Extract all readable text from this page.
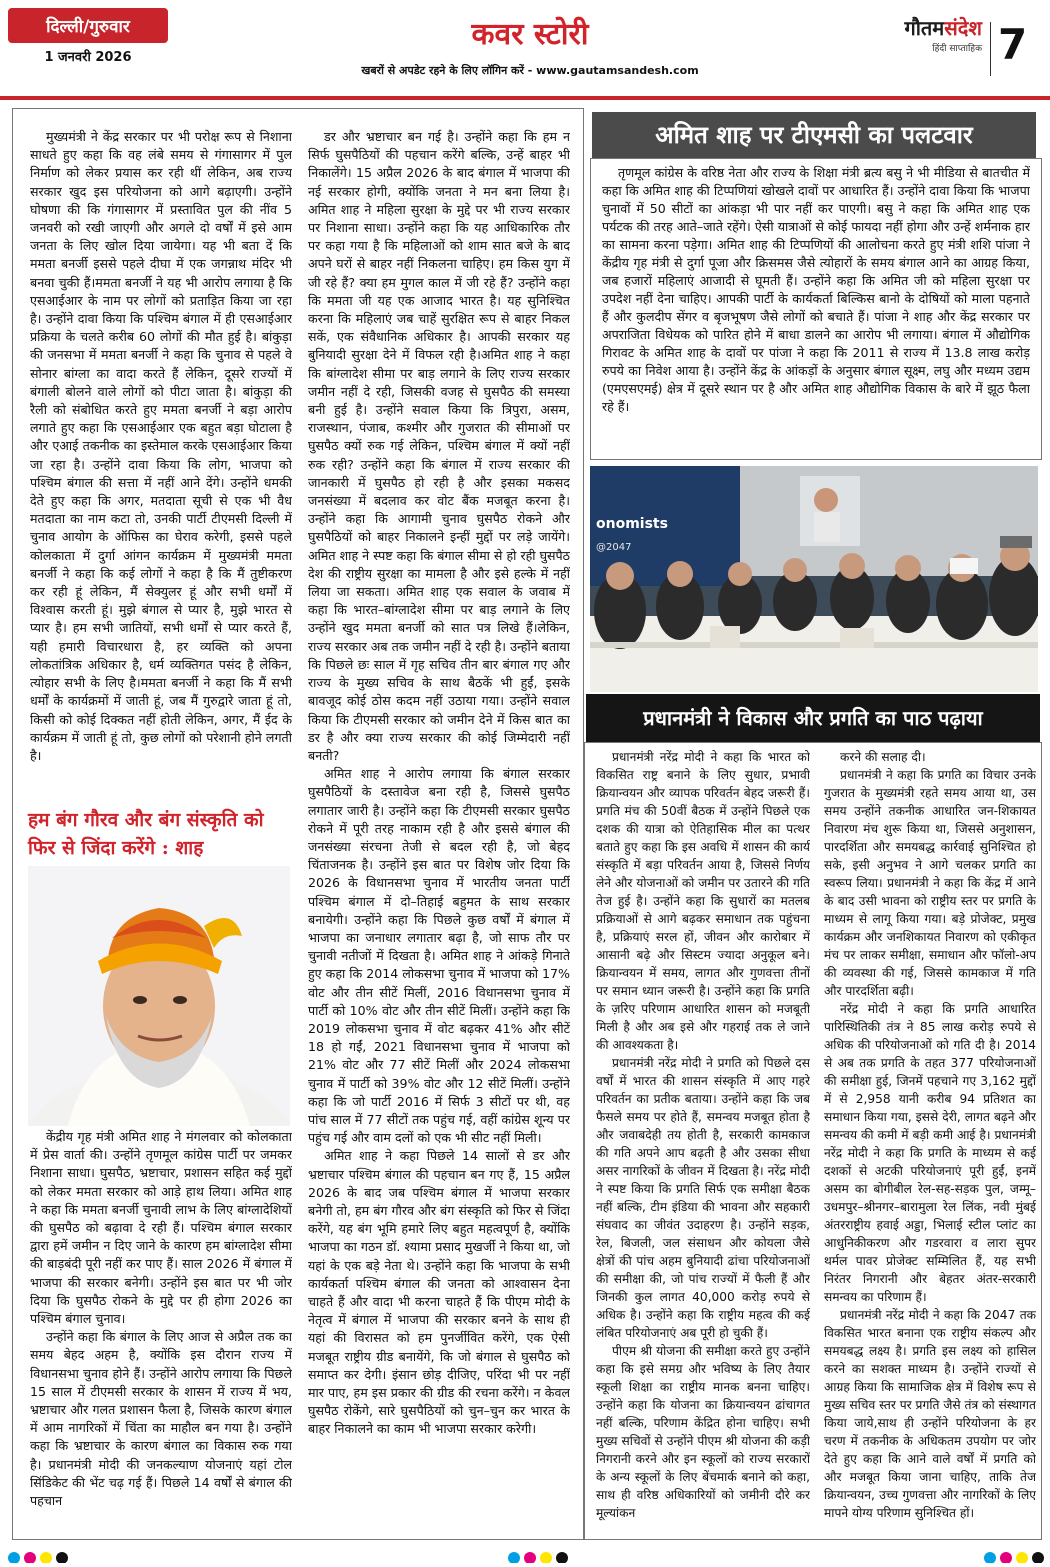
दिल्ली/गुरुवार
1 जनवरी 2026
कवर स्टोरी
खबरों से अपडेट रहने के लिए लॉगिन करें - www.gautamsandesh.com
गौतमसंदेश
हिंदी साप्ताहिक 7

मुख्यमंत्री ने केंद्र सरकार पर भी परोक्ष रूप से निशाना साधते हुए कहा कि वह लंबे समय से गंगासागर में पुल निर्माण को लेकर प्रयास कर रही थीं लेकिन, अब राज्य सरकार खुद इस परियोजना को आगे बढ़ाएगी। उन्होंने घोषणा की कि गंगासागर में प्रस्तावित पुल की नींव 5 जनवरी को रखी जाएगी और अगले दो वर्षों में इसे आम जनता के लिए खोल दिया जायेगा। यह भी बता दें कि ममता बनर्जी इससे पहले दीघा में एक जगन्नाथ मंदिर भी बनवा चुकी हैं।ममता बनर्जी ने यह भी आरोप लगाया है कि एसआईआर के नाम पर लोगों को प्रताड़ित किया जा रहा है। उन्होंने दावा किया कि पश्चिम बंगाल में ही एसआईआर प्रक्रिया के चलते करीब 60 लोगों की मौत हुई है। बांकुड़ा की जनसभा में ममता बनर्जी ने कहा कि चुनाव से पहले वे सोनार बांग्ला का वादा करते हैं लेकिन, दूसरे राज्यों में बंगाली बोलने वाले लोगों को पीटा जाता है। बांकुड़ा की रैली को संबोधित करते हुए ममता बनर्जी ने बड़ा आरोप लगाते हुए कहा कि एसआईआर एक बहुत बड़ा घोटाला है और एआई तकनीक का इस्तेमाल करके एसआईआर किया जा रहा है। उन्होंने दावा किया कि लोग, भाजपा को पश्चिम बंगाल की सत्ता में नहीं आने देंगे। उन्होंने धमकी देते हुए कहा कि अगर, मतदाता सूची से एक भी वैध मतदाता का नाम कटा तो, उनकी पार्टी टीएमसी दिल्ली में चुनाव आयोग के ऑफिस का घेराव करेगी, इससे पहले कोलकाता में दुर्गा आंगन कार्यक्रम में मुख्यमंत्री ममता बनर्जी ने कहा कि कई लोगों ने कहा है कि मैं तुष्टीकरण कर रही हूं लेकिन, मैं सेक्युलर हूं और सभी धर्मों में विश्वास करती हूं। मुझे बंगाल से प्यार है, मुझे भारत से प्यार है। हम सभी जातियों, सभी धर्मों से प्यार करते हैं, यही हमारी विचारधारा है, हर व्यक्ति को अपना लोकतांत्रिक अधिकार है, धर्म व्यक्तिगत पसंद है लेकिन, त्योहार सभी के लिए है।ममता बनर्जी ने कहा कि मैं सभी धर्मों के कार्यक्रमों में जाती हूं, जब मैं गुरुद्वारे जाता हूं तो, किसी को कोई दिक्कत नहीं होती लेकिन, अगर, मैं ईद के कार्यक्रम में जाती हूं तो, कुछ लोगों को परेशानी होने लगती है।

हम बंग गौरव और बंग संस्कृति को फिर से जिंदा करेंगे : शाह

केंद्रीय गृह मंत्री अमित शाह ने मंगलवार को कोलकाता में प्रेस वार्ता की। उन्होंने तृणमूल कांग्रेस पार्टी पर जमकर निशाना साधा। घुसपैठ, भ्रष्टाचार, प्रशासन सहित कई मुद्दों को लेकर ममता सरकार को आड़े हाथ लिया। अमित शाह ने कहा कि ममता बनर्जी चुनावी लाभ के लिए बांग्लादेशियों की घुसपैठ को बढ़ावा दे रही हैं। पश्चिम बंगाल सरकार द्वारा हमें जमीन न दिए जाने के कारण हम बांग्लादेश सीमा की बाड़बंदी पूरी नहीं कर पाए हैं। साल 2026 में बंगाल में भाजपा की सरकार बनेगी। उन्होंने इस बात पर भी जोर दिया कि घुसपैठ रोकने के मुद्दे पर ही होगा 2026 का पश्चिम बंगाल चुनाव।

उन्होंने कहा कि बंगाल के लिए आज से अप्रैल तक का समय बेहद अहम है, क्योंकि इस दौरान राज्य में विधानसभा चुनाव होने हैं। उन्होंने आरोप लगाया कि पिछले 15 साल में टीएमसी सरकार के शासन में राज्य में भय, भ्रष्टाचार और गलत प्रशासन फैला है, जिसके कारण बंगाल में आम नागरिकों में चिंता का माहौल बन गया है। उन्होंने कहा कि भ्रष्टाचार के कारण बंगाल का विकास रुक गया है। प्रधानमंत्री मोदी की जनकल्याण योजनाएं यहां टोल सिंडिकेट की भेंट चढ़ गई हैं। पिछले 14 वर्षों से बंगाल की पहचान

डर और भ्रष्टाचार बन गई है। उन्होंने कहा कि हम न सिर्फ घुसपैठियों की पहचान करेंगे बल्कि, उन्हें बाहर भी निकालेंगे। 15 अप्रैल 2026 के बाद बंगाल में भाजपा की नई सरकार होगी, क्योंकि जनता ने मन बना लिया है। अमित शाह ने महिला सुरक्षा के मुद्दे पर भी राज्य सरकार पर निशाना साधा। उन्होंने कहा कि यह आधिकारिक तौर पर कहा गया है कि महिलाओं को शाम सात बजे के बाद अपने घरों से बाहर नहीं निकलना चाहिए। हम किस युग में जी रहे हैं? क्या हम मुगल काल में जी रहे हैं? उन्होंने कहा कि ममता जी यह एक आजाद भारत है। यह सुनिश्चित करना कि महिलाएं जब चाहें सुरक्षित रूप से बाहर निकल सकें, एक संवैधानिक अधिकार है। आपकी सरकार यह बुनियादी सुरक्षा देने में विफल रही है।अमित शाह ने कहा कि बांग्लादेश सीमा पर बाड़ लगाने के लिए राज्य सरकार जमीन नहीं दे रही, जिसकी वजह से घुसपैठ की समस्या बनी हुई है। उन्होंने सवाल किया कि त्रिपुरा, असम, राजस्थान, पंजाब, कश्मीर और गुजरात की सीमाओं पर घुसपैठ क्यों रुक गई लेकिन, पश्चिम बंगाल में क्यों नहीं रुक रही? उन्होंने कहा कि बंगाल में राज्य सरकार की जानकारी में घुसपैठ हो रही है और इसका मकसद जनसंख्या में बदलाव कर वोट बैंक मजबूत करना है। उन्होंने कहा कि आगामी चुनाव घुसपैठ रोकने और घुसपैठियों को बाहर निकालने इन्हीं मुद्दों पर लड़े जायेंगे। अमित शाह ने स्पष्ट कहा कि बंगाल सीमा से हो रही घुसपैठ देश की राष्ट्रीय सुरक्षा का मामला है और इसे हल्के में नहीं लिया जा सकता। अमित शाह एक सवाल के जवाब में कहा कि भारत–बांग्लादेश सीमा पर बाड़ लगाने के लिए उन्होंने खुद ममता बनर्जी को सात पत्र लिखे हैं।लेकिन, राज्य सरकार अब तक जमीन नहीं दे रही है। उन्होंने बताया कि पिछले छः साल में गृह सचिव तीन बार बंगाल गए और राज्य के मुख्य सचिव के साथ बैठकें भी हुईं, इसके बावजूद कोई ठोस कदम नहीं उठाया गया। उन्होंने सवाल किया कि टीएमसी सरकार को जमीन देने में किस बात का डर है और क्या राज्य सरकार की कोई जिम्मेदारी नहीं बनती?

अमित शाह ने आरोप लगाया कि बंगाल सरकार घुसपैठियों के दस्तावेज बना रही है, जिससे घुसपैठ लगातार जारी है। उन्होंने कहा कि टीएमसी सरकार घुसपैठ रोकने में पूरी तरह नाकाम रही है और इससे बंगाल की जनसंख्या संरचना तेजी से बदल रही है, जो बेहद चिंताजनक है। उन्होंने इस बात पर विशेष जोर दिया कि 2026 के विधानसभा चुनाव में भारतीय जनता पार्टी पश्चिम बंगाल में दो–तिहाई बहुमत के साथ सरकार बनायेगी। उन्होंने कहा कि पिछले कुछ वर्षों में बंगाल में भाजपा का जनाधार लगातार बढ़ा है, जो साफ तौर पर चुनावी नतीजों में दिखता है। अमित शाह ने आंकड़े गिनाते हुए कहा कि 2014 लोकसभा चुनाव में भाजपा को 17% वोट और तीन सीटें मिलीं, 2016 विधानसभा चुनाव में पार्टी को 10% वोट और तीन सीटें मिलीं। उन्होंने कहा कि 2019 लोकसभा चुनाव में वोट बढ़कर 41% और सीटें 18 हो गईं, 2021 विधानसभा चुनाव में भाजपा को 21% वोट और 77 सीटें मिलीं और 2024 लोकसभा चुनाव में पार्टी को 39% वोट और 12 सीटें मिलीं। उन्होंने कहा कि जो पार्टी 2016 में सिर्फ 3 सीटों पर थी, वह पांच साल में 77 सीटों तक पहुंच गई, वहीं कांग्रेस शून्य पर पहुंच गई और वाम दलों को एक भी सीट नहीं मिली।

अमित शाह ने कहा पिछले 14 सालों से डर और भ्रष्टाचार पश्चिम बंगाल की पहचान बन गए हैं, 15 अप्रैल 2026 के बाद जब पश्चिम बंगाल में भाजपा सरकार बनेगी तो, हम बंग गौरव और बंग संस्कृति को फिर से जिंदा करेंगे, यह बंग भूमि हमारे लिए बहुत महत्वपूर्ण है, क्योंकि भाजपा का गठन डॉ. श्यामा प्रसाद मुखर्जी ने किया था, जो यहां के एक बड़े नेता थे। उन्होंने कहा कि भाजपा के सभी कार्यकर्ता पश्चिम बंगाल की जनता को आश्वासन देना चाहते हैं और वादा भी करना चाहते हैं कि पीएम मोदी के नेतृत्व में बंगाल में भाजपा की सरकार बनने के साथ ही यहां की विरासत को हम पुनर्जीवित करेंगे, एक ऐसी मजबूत राष्ट्रीय ग्रीड बनायेंगे, कि जो बंगाल से घुसपैठ को समाप्त कर देगी। इंसान छोड़ दीजिए, परिंदा भी पर नहीं मार पाए, हम इस प्रकार की ग्रीड की रचना करेंगे। न केवल घुसपैठ रोकेंगे, सारे घुसपैठियों को चुन–चुन कर भारत के बाहर निकालने का काम भी भाजपा सरकार करेगी।

अमित शाह पर टीएमसी का पलटवार

तृणमूल कांग्रेस के वरिष्ठ नेता और राज्य के शिक्षा मंत्री ब्रत्य बसु ने भी मीडिया से बातचीत में कहा कि अमित शाह की टिप्पणियां खोखले दावों पर आधारित हैं। उन्होंने दावा किया कि भाजपा चुनावों में 50 सीटों का आंकड़ा भी पार नहीं कर पाएगी। बसु ने कहा कि अमित शाह एक पर्यटक की तरह आते–जाते रहेंगे। ऐसी यात्राओं से कोई फायदा नहीं होगा और उन्हें शर्मनाक हार का सामना करना पड़ेगा। अमित शाह की टिप्पणियों की आलोचना करते हुए मंत्री शशि पांजा ने केंद्रीय गृह मंत्री से दुर्गा पूजा और क्रिसमस जैसे त्योहारों के समय बंगाल आने का आग्रह किया, जब हजारों महिलाएं आजादी से घूमती हैं। उन्होंने कहा कि अमित जी को महिला सुरक्षा पर उपदेश नहीं देना चाहिए। आपकी पार्टी के कार्यकर्ता बिल्किस बानो के दोषियों को माला पहनाते हैं और कुलदीप सेंगर व बृजभूषण जैसे लोगों को बचाते हैं। पांजा ने शाह और केंद्र सरकार पर अपराजिता विधेयक को पारित होने में बाधा डालने का आरोप भी लगाया। बंगाल में औद्योगिक गिरावट के अमित शाह के दावों पर पांजा ने कहा कि 2011 से राज्य में 13.8 लाख करोड़ रुपये का निवेश आया है। उन्होंने केंद्र के आंकड़ों के अनुसार बंगाल सूक्ष्म, लघु और मध्यम उद्यम (एमएसएमई) क्षेत्र में दूसरे स्थान पर है और अमित शाह औद्योगिक विकास के बारे में झूठ फैला रहे हैं।

onomists
@2047
प्रधानमंत्री ने विकास और प्रगति का पाठ पढ़ाया

प्रधानमंत्री नरेंद्र मोदी ने कहा कि भारत को विकसित राष्ट्र बनाने के लिए सुधार, प्रभावी क्रियान्वयन और व्यापक परिवर्तन बेहद जरूरी हैं। प्रगति मंच की 50वीं बैठक में उन्होंने पिछले एक दशक की यात्रा को ऐतिहासिक मील का पत्थर बताते हुए कहा कि इस अवधि में शासन की कार्य संस्कृति में बड़ा परिवर्तन आया है, जिससे निर्णय लेने और योजनाओं को जमीन पर उतारने की गति तेज हुई है। उन्होंने कहा कि सुधारों का मतलब प्रक्रियाओं से आगे बढ़कर समाधान तक पहुंचना है, प्रक्रियाएं सरल हों, जीवन और कारोबार में आसानी बढ़े और सिस्टम ज्यादा अनुकूल बने। क्रियान्वयन में समय, लागत और गुणवत्ता तीनों पर समान ध्यान जरूरी है। उन्होंने कहा कि प्रगति के ज़रिए परिणाम आधारित शासन को मजबूती मिली है और अब इसे और गहराई तक ले जाने की आवश्यकता है।

प्रधानमंत्री नरेंद्र मोदी ने प्रगति को पिछले दस वर्षों में भारत की शासन संस्कृति में आए गहरे परिवर्तन का प्रतीक बताया। उन्होंने कहा कि जब फैसले समय पर होते हैं, समन्वय मजबूत होता है और जवाबदेही तय होती है, सरकारी कामकाज की गति अपने आप बढ़ती है और उसका सीधा असर नागरिकों के जीवन में दिखता है। नरेंद्र मोदी ने स्पष्ट किया कि प्रगति सिर्फ एक समीक्षा बैठक नहीं बल्कि, टीम इंडिया की भावना और सहकारी संघवाद का जीवंत उदाहरण है। उन्होंने सड़क, रेल, बिजली, जल संसाधन और कोयला जैसे क्षेत्रों की पांच अहम बुनियादी ढांचा परियोजनाओं की समीक्षा की, जो पांच राज्यों में फैली हैं और जिनकी कुल लागत 40,000 करोड़ रुपये से अधिक है। उन्होंने कहा कि राष्ट्रीय महत्व की कई लंबित परियोजनाएं अब पूरी हो चुकी हैं।

पीएम श्री योजना की समीक्षा करते हुए उन्होंने कहा कि इसे समग्र और भविष्य के लिए तैयार स्कूली शिक्षा का राष्ट्रीय मानक बनना चाहिए। उन्होंने कहा कि योजना का क्रियान्वयन ढांचागत नहीं बल्कि, परिणाम केंद्रित होना चाहिए। सभी मुख्य सचिवों से उन्होंने पीएम श्री योजना की कड़ी निगरानी करने और इन स्कूलों को राज्य सरकारों के अन्य स्कूलों के लिए बेंचमार्क बनाने को कहा, साथ ही वरिष्ठ अधिकारियों को जमीनी दौरे कर मूल्यांकन

करने की सलाह दी।

प्रधानमंत्री ने कहा कि प्रगति का विचार उनके गुजरात के मुख्यमंत्री रहते समय आया था, उस समय उन्होंने तकनीक आधारित जन-शिकायत निवारण मंच शुरू किया था, जिससे अनुशासन, पारदर्शिता और समयबद्ध कार्रवाई सुनिश्चित हो सके, इसी अनुभव ने आगे चलकर प्रगति का स्वरूप लिया। प्रधानमंत्री ने कहा कि केंद्र में आने के बाद उसी भावना को राष्ट्रीय स्तर पर प्रगति के माध्यम से लागू किया गया। बड़े प्रोजेक्ट, प्रमुख कार्यक्रम और जनशिकायत निवारण को एकीकृत मंच पर लाकर समीक्षा, समाधान और फॉलो-अप की व्यवस्था की गई, जिससे कामकाज में गति और पारदर्शिता बढ़ी।

नरेंद्र मोदी ने कहा कि प्रगति आधारित पारिस्थितिकी तंत्र ने 85 लाख करोड़ रुपये से अधिक की परियोजनाओं को गति दी है। 2014 से अब तक प्रगति के तहत 377 परियोजनाओं की समीक्षा हुई, जिनमें पहचाने गए 3,162 मुद्दों में से 2,958 यानी करीब 94 प्रतिशत का समाधान किया गया, इससे देरी, लागत बढ़ने और समन्वय की कमी में बड़ी कमी आई है। प्रधानमंत्री नरेंद्र मोदी ने कहा कि प्रगति के माध्यम से कई दशकों से अटकी परियोजनाएं पूरी हुईं, इनमें असम का बोगीबील रेल-सह-सड़क पुल, जम्मू–उधमपुर–श्रीनगर–बारामुला रेल लिंक, नवी मुंबई अंतरराष्ट्रीय हवाई अड्डा, भिलाई स्टील प्लांट का आधुनिकीकरण और गडरवारा व लारा सुपर थर्मल पावर प्रोजेक्ट सम्मिलित हैं, यह सभी निरंतर निगरानी और बेहतर अंतर-सरकारी समन्वय का परिणाम हैं।

प्रधानमंत्री नरेंद्र मोदी ने कहा कि 2047 तक विकसित भारत बनाना एक राष्ट्रीय संकल्प और समयबद्ध लक्ष्य है। प्रगति इस लक्ष्य को हासिल करने का सशक्त माध्यम है। उन्होंने राज्यों से आग्रह किया कि सामाजिक क्षेत्र में विशेष रूप से मुख्य सचिव स्तर पर प्रगति जैसे तंत्र को संस्थागत किया जाये,साथ ही उन्होंने परियोजना के हर चरण में तकनीक के अधिकतम उपयोग पर जोर देते हुए कहा कि आने वाले वर्षों में प्रगति को और मजबूत किया जाना चाहिए, ताकि तेज क्रियान्वयन, उच्च गुणवत्ता और नागरिकों के लिए मापने योग्य परिणाम सुनिश्चित हों।
